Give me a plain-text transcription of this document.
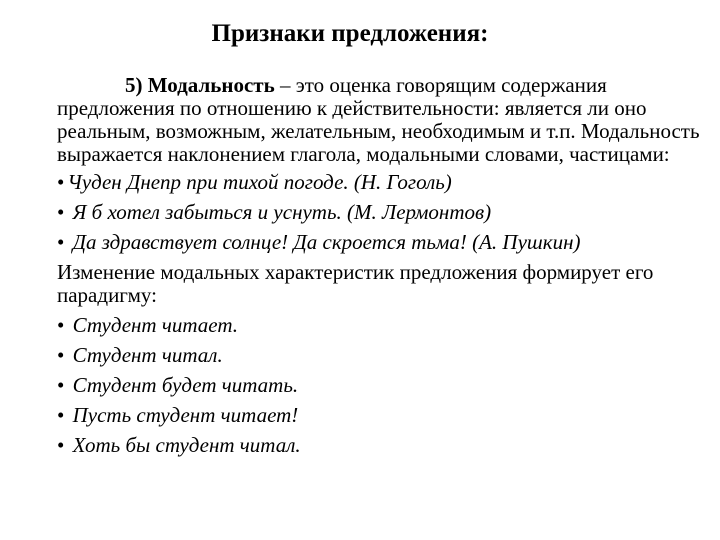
Признаки предложения:

5) Модальность – это оценка говорящим содержания предложения по отношению к действительности: является ли оно реальным, возможным, желательным, необходимым и т.п. Модальность выражается наклонением глагола, модальными словами, частицами:

• Чуден Днепр при тихой погоде. (Н. Гоголь)

• Я б хотел забыться и уснуть. (М. Лермонтов)

• Да здравствует солнце! Да скроется тьма! (А. Пушкин)

Изменение модальных характеристик предложения формирует его парадигму:

• Студент читает.

• Студент читал.

• Студент будет читать.

• Пусть студент читает!

• Хоть бы студент читал.
